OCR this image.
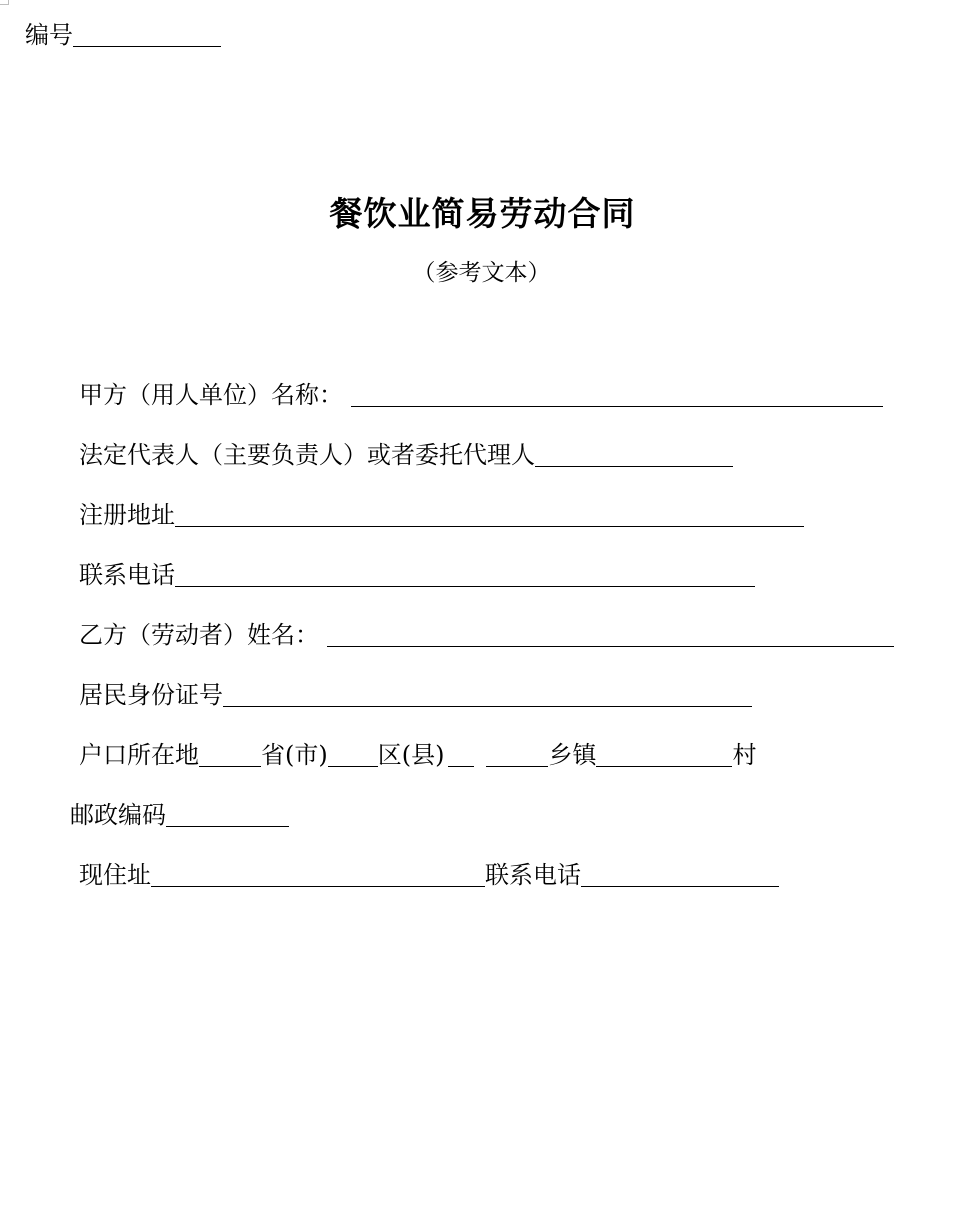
编号
餐饮业简易劳动合同
（参考文本）
甲方（用人单位）名称：
法定代表人（主要负责人）或者委托代理人
注册地址
联系电话
乙方（劳动者）姓名：
居民身份证号
户口所在地	省(市) 区(县)	乡镇	村
邮政编码
现住址	联系电话
